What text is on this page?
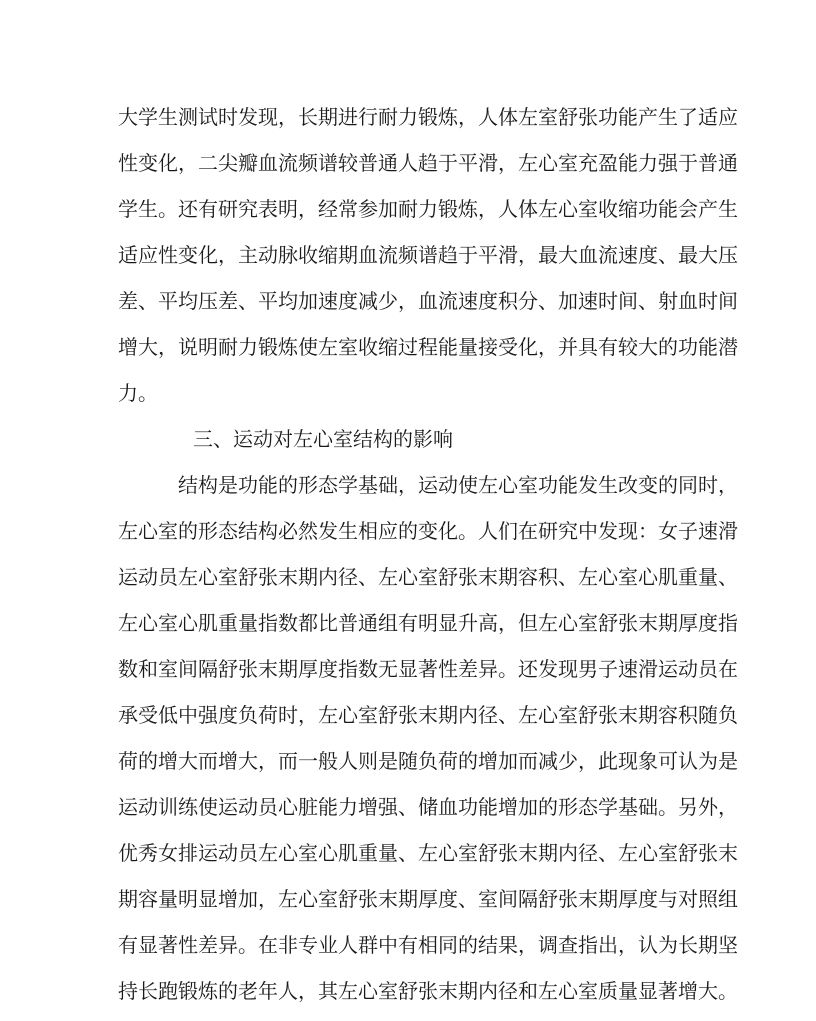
大学生测试时发现，长期进行耐力锻炼，人体左室舒张功能产生了适应

性变化，二尖瓣血流频谱较普通人趋于平滑，左心室充盈能力强于普通

学生。还有研究表明，经常参加耐力锻炼，人体左心室收缩功能会产生

适应性变化，主动脉收缩期血流频谱趋于平滑，最大血流速度、最大压

差、平均压差、平均加速度减少，血流速度积分、加速时间、射血时间

增大，说明耐力锻炼使左室收缩过程能量接受化，并具有较大的功能潜

力。

三、运动对左心室结构的影响

结构是功能的形态学基础，运动使左心室功能发生改变的同时，

左心室的形态结构必然发生相应的变化。人们在研究中发现：女子速滑

运动员左心室舒张末期内径、左心室舒张末期容积、左心室心肌重量、

左心室心肌重量指数都比普通组有明显升高，但左心室舒张末期厚度指

数和室间隔舒张末期厚度指数无显著性差异。还发现男子速滑运动员在

承受低中强度负荷时，左心室舒张末期内径、左心室舒张末期容积随负

荷的增大而增大，而一般人则是随负荷的增加而减少，此现象可认为是

运动训练使运动员心脏能力增强、储血功能增加的形态学基础。另外，

优秀女排运动员左心室心肌重量、左心室舒张末期内径、左心室舒张末

期容量明显增加，左心室舒张末期厚度、室间隔舒张末期厚度与对照组

有显著性差异。在非专业人群中有相同的结果，调查指出，认为长期坚

持长跑锻炼的老年人，其左心室舒张末期内径和左心室质量显著增大。
